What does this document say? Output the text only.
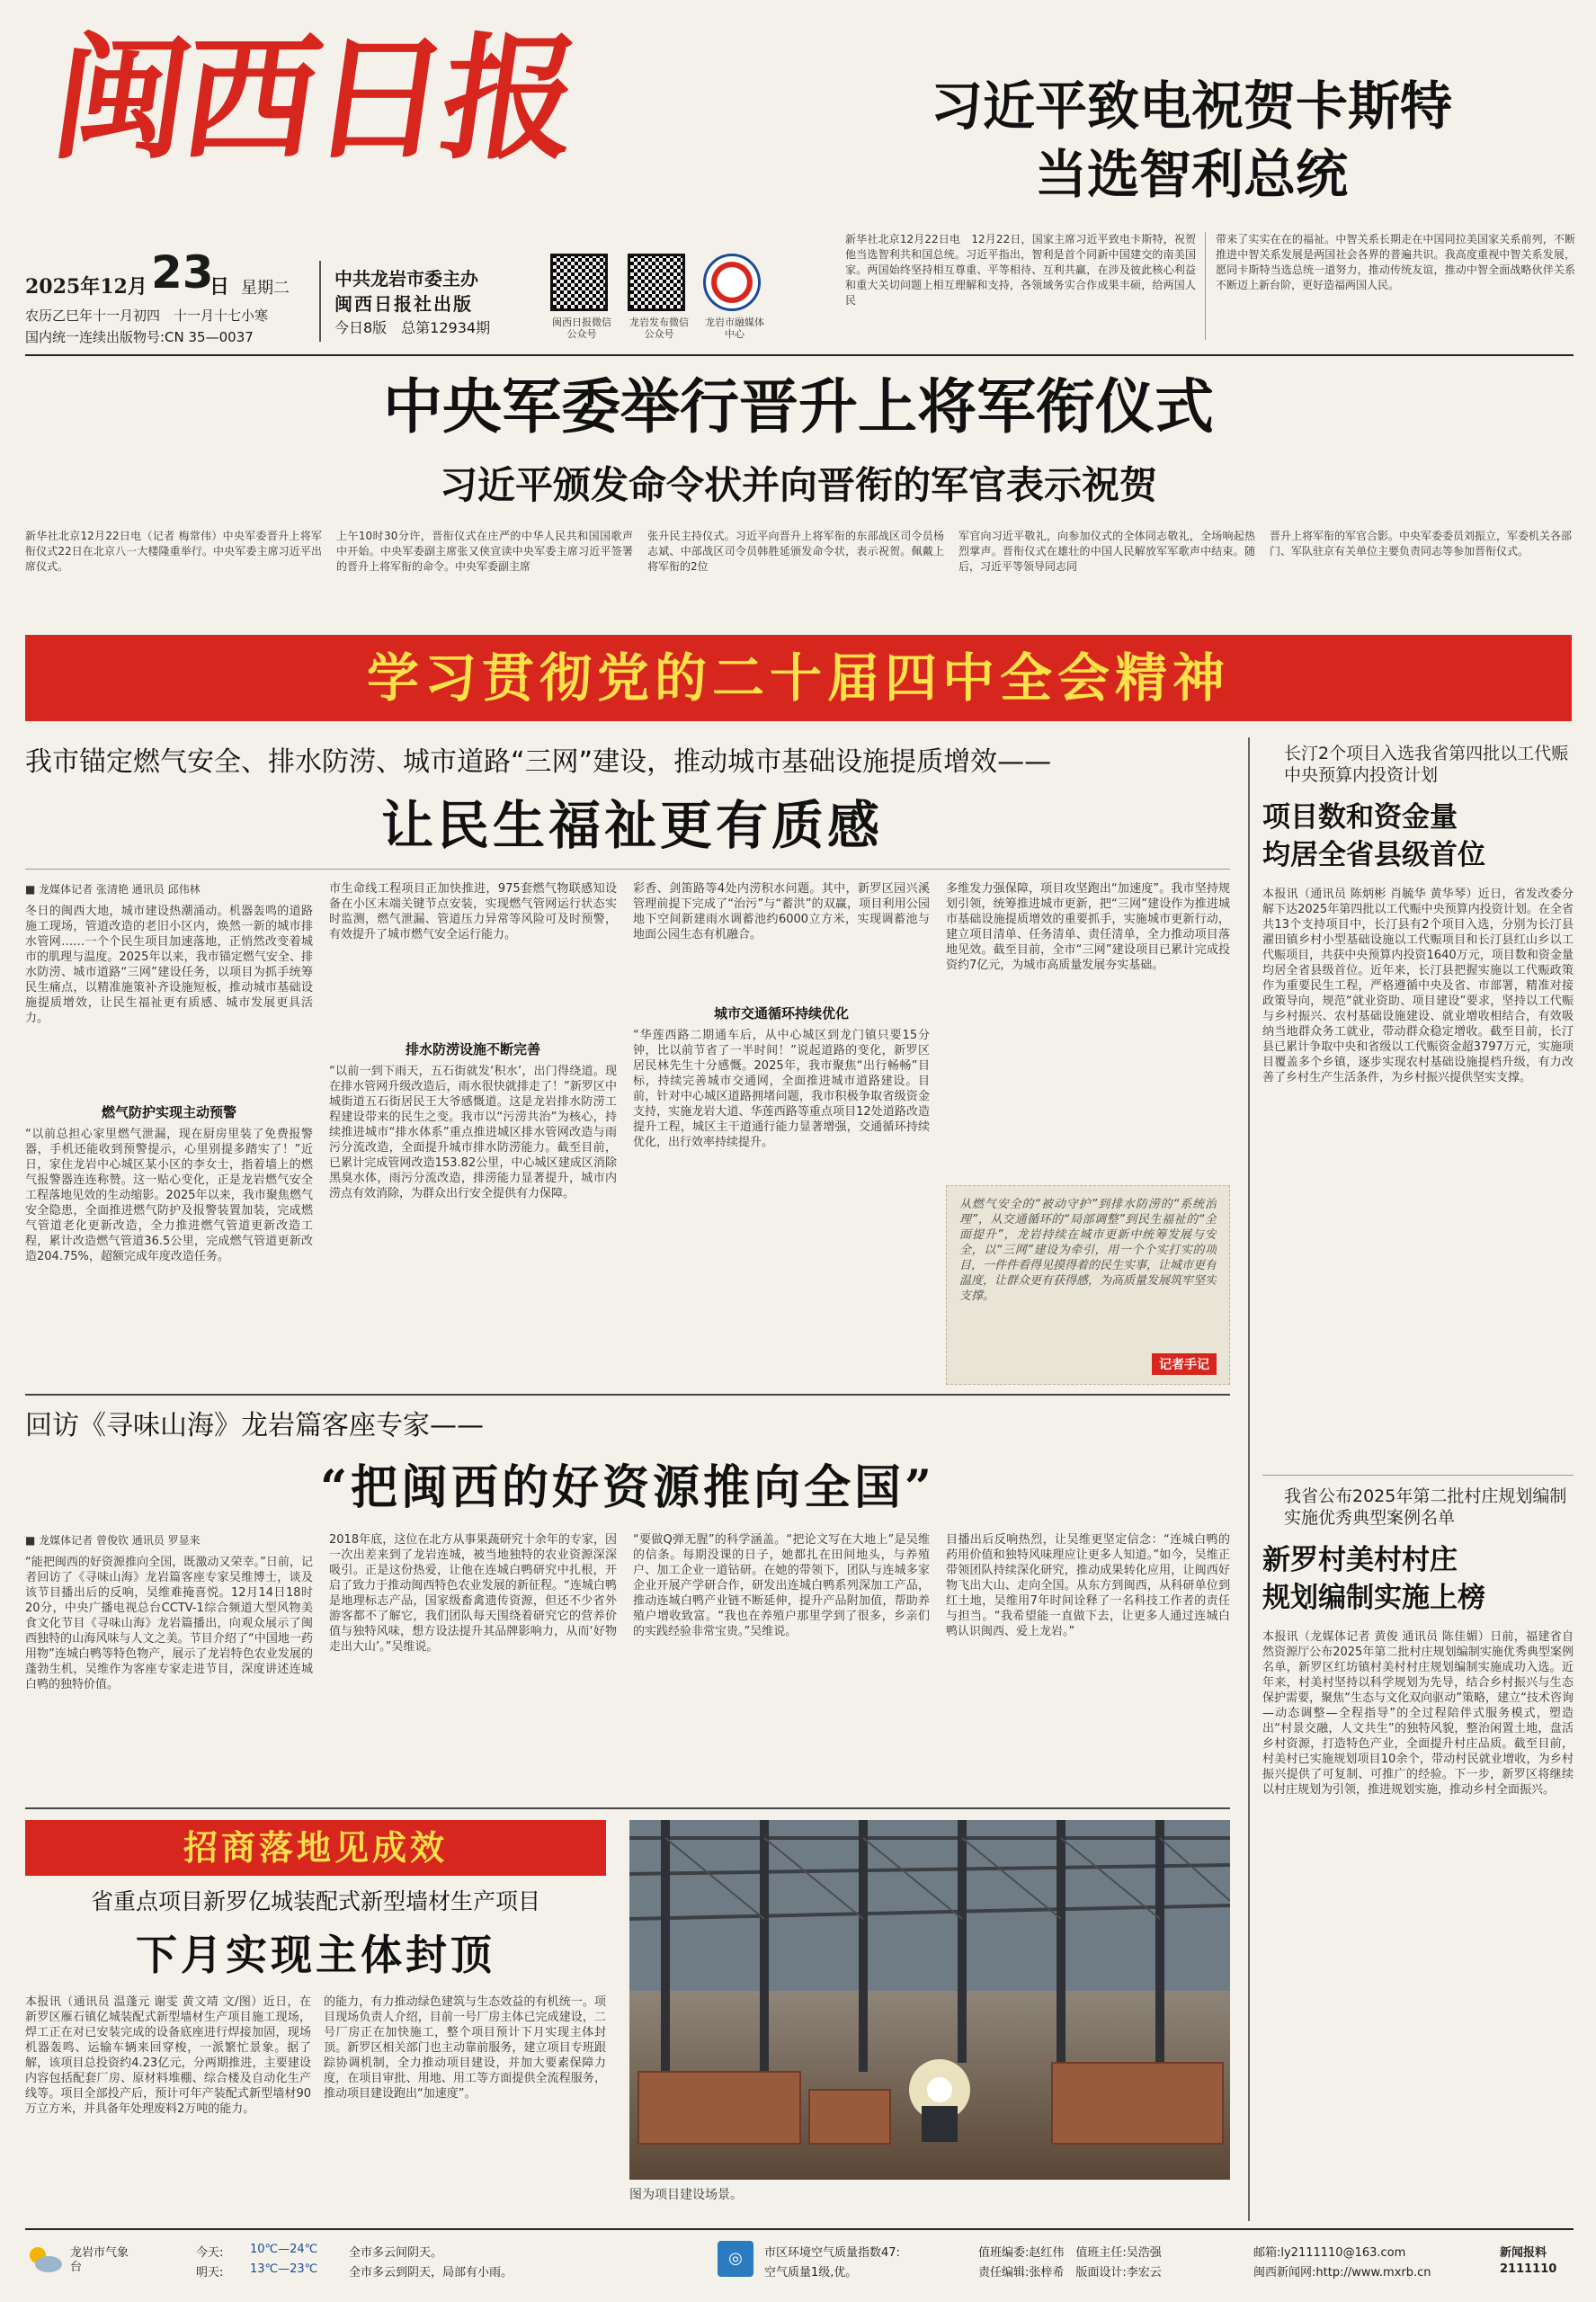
闽西日报
2025年12月 23
日 星期二
农历乙巳年十一月初四　十一月十七小寒
国内统一连续出版物号:CN 35—0037
中共龙岩市委主办
闽西日报社出版
今日8版　总第12934期	闽西日报微信公众号
龙岩发布微信公众号
龙岩市融媒体中心
习近平致电祝贺卡斯特
当选智利总统
新华社北京12月22日电　12月22日，国家主席习近平致电卡斯特，祝贺他当选智利共和国总统。习近平指出，智利是首个同新中国建交的南美国家。两国始终坚持相互尊重、平等相待、互利共赢，在涉及彼此核心利益和重大关切问题上相互理解和支持，各领域务实合作成果丰硕，给两国人民
带来了实实在在的福祉。中智关系长期走在中国同拉美国家关系前列，不断推进中智关系发展是两国社会各界的普遍共识。我高度重视中智关系发展，愿同卡斯特当选总统一道努力，推动传统友谊，推动中智全面战略伙伴关系不断迈上新台阶，更好造福两国人民。
中央军委举行晋升上将军衔仪式
习近平颁发命令状并向晋衔的军官表示祝贺
新华社北京12月22日电（记者 梅常伟）中央军委晋升上将军衔仪式22日在北京八一大楼隆重举行。中央军委主席习近平出席仪式。
上午10时30分许，晋衔仪式在庄严的中华人民共和国国歌声中开始。中央军委副主席张又侠宣读中央军委主席习近平签署的晋升上将军衔的命令。中央军委副主席
张升民主持仪式。习近平向晋升上将军衔的东部战区司令员杨志斌、中部战区司令员韩胜延颁发命令状，表示祝贺。佩戴上将军衔的2位
军官向习近平敬礼，向参加仪式的全体同志敬礼，全场响起热烈掌声。晋衔仪式在雄壮的中国人民解放军军歌声中结束。随后，习近平等领导同志同
晋升上将军衔的军官合影。中央军委委员刘振立，军委机关各部门、军队驻京有关单位主要负责同志等参加晋衔仪式。
学习贯彻党的二十届四中全会精神
我市锚定燃气安全、排水防涝、城市道路“三网”建设，推动城市基础设施提质增效——
让民生福祉更有质感
■ 龙媒体记者 张清艳 通讯员 邱伟林
冬日的闽西大地，城市建设热潮涌动。机器轰鸣的道路施工现场，管道改造的老旧小区内，焕然一新的城市排水管网……一个个民生项目加速落地，正悄然改变着城市的肌理与温度。2025年以来，我市锚定燃气安全、排水防涝、城市道路“三网”建设任务，以项目为抓手统筹民生痛点，以精准施策补齐设施短板，推动城市基础设施提质增效，让民生福祉更有质感、城市发展更具活力。
燃气防护实现主动预警
“以前总担心家里燃气泄漏，现在厨房里装了免费报警器，手机还能收到预警提示，心里别提多踏实了！”近日，家住龙岩中心城区某小区的李女士，指着墙上的燃气报警器连连称赞。这一贴心变化，正是龙岩燃气安全工程落地见效的生动缩影。2025年以来，我市聚焦燃气安全隐患，全面推进燃气防护及报警装置加装，完成燃气管道老化更新改造，全力推进燃气管道更新改造工程，累计改造燃气管道36.5公里，完成燃气管道更新改造204.75%，超额完成年度改造任务。
市生命线工程项目正加快推进，975套燃气物联感知设备在小区末端关键节点安装，实现燃气管网运行状态实时监测，燃气泄漏、管道压力异常等风险可及时预警，有效提升了城市燃气安全运行能力。
排水防涝设施不断完善
“以前一到下雨天，五石街就发‘积水’，出门得绕道。现在排水管网升级改造后，雨水很快就排走了！”新罗区中城街道五石街居民王大爷感慨道。这是龙岩排水防涝工程建设带来的民生之变。我市以“污涝共治”为核心，持续推进城市“排水体系”重点推进城区排水管网改造与雨污分流改造，全面提升城市排水防涝能力。截至目前，已累计完成管网改造153.82公里，中心城区建成区消除黑臭水体，雨污分流改造，排涝能力显著提升，城市内涝点有效消除，为群众出行安全提供有力保障。
彩香、剑笛路等4处内涝积水问题。其中，新罗区园兴溪管理前提下完成了“治污”与“蓄洪”的双赢，项目利用公园地下空间新建雨水调蓄池约6000立方米，实现调蓄池与地面公园生态有机融合。
城市交通循环持续优化
“华莲西路二期通车后，从中心城区到龙门镇只要15分钟，比以前节省了一半时间！”说起道路的变化，新罗区居民林先生十分感慨。2025年，我市聚焦“出行畅畅”目标，持续完善城市交通网，全面推进城市道路建设。目前，针对中心城区道路拥堵问题，我市积极争取省级资金支持，实施龙岩大道、华莲西路等重点项目12处道路改造提升工程，城区主干道通行能力显著增强，交通循环持续优化，出行效率持续提升。
多维发力强保障，项目攻坚跑出“加速度”。我市坚持规划引领，统筹推进城市更新，把“三网”建设作为推进城市基础设施提质增效的重要抓手，实施城市更新行动，建立项目清单、任务清单、责任清单，全力推动项目落地见效。截至目前，全市“三网”建设项目已累计完成投资约7亿元，为城市高质量发展夯实基础。
从燃气安全的“被动守护”到排水防涝的“系统治理”，从交通循环的“局部调整”到民生福祉的“全面提升”，龙岩持续在城市更新中统筹发展与安全，以“三网”建设为牵引，用一个个实打实的项目，一件件看得见摸得着的民生实事，让城市更有温度，让群众更有获得感，为高质量发展筑牢坚实支撑。
记者手记
回访《寻味山海》龙岩篇客座专家——
“把闽西的好资源推向全国”
■ 龙媒体记者 曾俊钦 通讯员 罗显来
“能把闽西的好资源推向全国，既激动又荣幸。”日前，记者回访了《寻味山海》龙岩篇客座专家吴维博士，谈及该节目播出后的反响，吴维难掩喜悦。12月14日18时20分，中央广播电视总台CCTV-1综合频道大型风物美食文化节目《寻味山海》龙岩篇播出，向观众展示了闽西独特的山海风味与人文之美。节目介绍了“中国地一药用物”连城白鸭等特色物产，展示了龙岩特色农业发展的蓬勃生机，吴维作为客座专家走进节目，深度讲述连城白鸭的独特价值。
2018年底，这位在北方从事果蔬研究十余年的专家，因一次出差来到了龙岩连城，被当地独特的农业资源深深吸引。正是这份热爱，让他在连城白鸭研究中扎根，开启了致力于推动闽西特色农业发展的新征程。“连城白鸭是地理标志产品，国家级畜禽遗传资源，但还不少省外游客都不了解它，我们团队每天围绕着研究它的营养价值与独特风味，想方设法提升其品牌影响力，从而‘好物走出大山’。”吴维说。
“要做Q弹无腥”的科学涵盖。“把论文写在大地上”是吴维的信条。每期没课的日子，她都扎在田间地头，与养殖户、加工企业一道钻研。在她的带领下，团队与连城多家企业开展产学研合作，研发出连城白鸭系列深加工产品，推动连城白鸭产业链不断延伸，提升产品附加值，帮助养殖户增收致富。“我也在养殖户那里学到了很多，乡亲们的实践经验非常宝贵。”吴维说。
目播出后反响热烈，让吴维更坚定信念：“连城白鸭的药用价值和独特风味理应让更多人知道。”如今，吴维正带领团队持续深化研究，推动成果转化应用，让闽西好物飞出大山、走向全国。从东方到闽西，从科研单位到红土地，吴维用7年时间诠释了一名科技工作者的责任与担当。“我希望能一直做下去，让更多人通过连城白鸭认识闽西、爱上龙岩。”
招商落地见成效
省重点项目新罗亿城装配式新型墙材生产项目
下月实现主体封顶
本报讯（通讯员 温蓬元 谢雯 黄文靖 文/图）近日，在新罗区雁石镇亿城装配式新型墙材生产项目施工现场，焊工正在对已安装完成的设备底座进行焊接加固，现场机器轰鸣、运输车辆来回穿梭，一派繁忙景象。据了解，该项目总投资约4.23亿元，分两期推进，主要建设内容包括配套厂房、原材料堆棚、综合楼及自动化生产线等。项目全部投产后，预计可年产装配式新型墙材90万立方米，并具备年处理废料2万吨的能力。
的能力，有力推动绿色建筑与生态效益的有机统一。项目现场负责人介绍，目前一号厂房主体已完成建设，二号厂房正在加快施工，整个项目预计下月实现主体封顶。新罗区相关部门也主动靠前服务，建立项目专班跟踪协调机制，全力推动项目建设，并加大要素保障力度，在项目审批、用地、用工等方面提供全流程服务，推动项目建设跑出“加速度”。
图为项目建设场景。
长汀2个项目入选我省第四批以工代赈中央预算内投资计划
项目数和资金量
均居全省县级首位
本报讯（通讯员 陈炳彬 肖毓华 黄华琴）近日，省发改委分解下达2025年第四批以工代赈中央预算内投资计划。在全省共13个支持项目中，长汀县有2个项目入选，分别为长汀县濯田镇乡村小型基础设施以工代赈项目和长汀县红山乡以工代赈项目，共获中央预算内投资1640万元，项目数和资金量均居全省县级首位。近年来，长汀县把握实施以工代赈政策作为重要民生工程，严格遵循中央及省、市部署，精准对接政策导向，规范“就业资助、项目建设”要求，坚持以工代赈与乡村振兴、农村基础设施建设、就业增收相结合，有效吸纳当地群众务工就业，带动群众稳定增收。截至目前，长汀县已累计争取中央和省级以工代赈资金超3797万元，实施项目覆盖多个乡镇，逐步实现农村基础设施提档升级，有力改善了乡村生产生活条件，为乡村振兴提供坚实支撑。
我省公布2025年第二批村庄规划编制实施优秀典型案例名单
新罗村美村村庄
规划编制实施上榜
本报讯（龙媒体记者 黄俊 通讯员 陈佳媚）日前，福建省自然资源厅公布2025年第二批村庄规划编制实施优秀典型案例名单，新罗区红坊镇村美村村庄规划编制实施成功入选。近年来，村美村坚持以科学规划为先导，结合乡村振兴与生态保护需要，聚焦“生态与文化双向驱动”策略，建立“技术咨询—动态调整—全程指导”的全过程陪伴式服务模式，塑造出“村景交融，人文共生”的独特风貌，整治闲置土地，盘活乡村资源，打造特色产业，全面提升村庄品质。截至目前，村美村已实施规划项目10余个，带动村民就业增收，为乡村振兴提供了可复制、可推广的经验。下一步，新罗区将继续以村庄规划为引领，推进规划实施，推动乡村全面振兴。
龙岩市气象台
今天: 10℃—24℃	全市多云间阴天。
明天: 13℃—23℃	全市多云到阴天，局部有小雨。
◎	市区环境空气质量指数47:
空气质量1级,优。
值班编委:赵红伟　值班主任:吴浩强
责任编辑:张梓希　版面设计:李宏云
邮箱:ly2111110@163.com
闽西新闻网:http://www.mxrb.cn
新闻报料
2111110
